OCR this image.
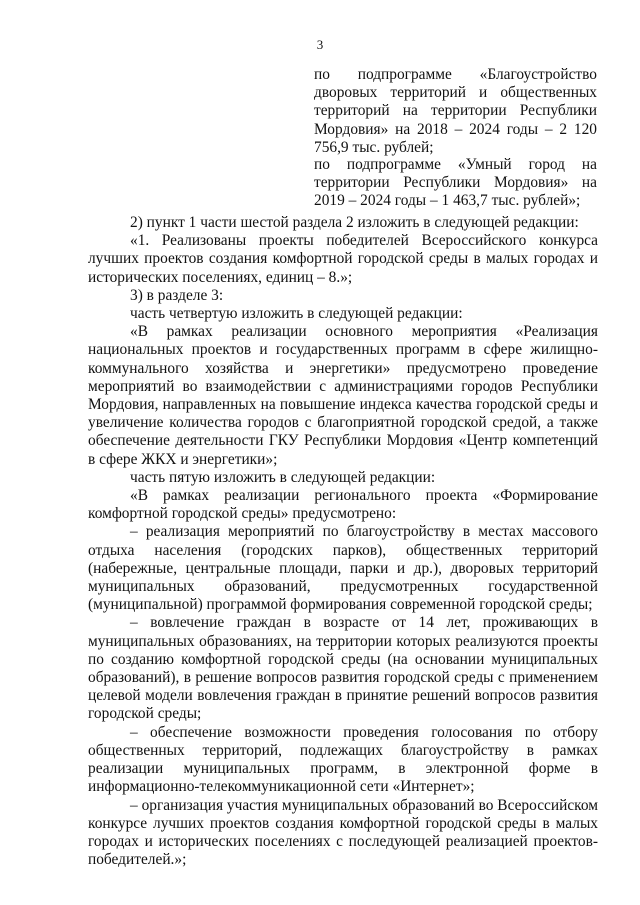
3

по подпрограмме «Благоустройство дворовых территорий и общественных территорий на территории Республики Мордовия» на 2018 – 2024 годы – 2 120 756,9 тыс. рублей;

по подпрограмме «Умный город на территории Республики Мордовия» на 2019 – 2024 годы – 1 463,7 тыс. рублей»;

2) пункт 1 части шестой раздела 2 изложить в следующей редакции:

«1. Реализованы проекты победителей Всероссийского конкурса лучших проектов создания комфортной городской среды в малых городах и исторических поселениях, единиц – 8.»;

3) в разделе 3:

часть четвертую изложить в следующей редакции:

«В рамках реализации основного мероприятия «Реализация национальных проектов и государственных программ в сфере жилищно-коммунального хозяйства и энергетики» предусмотрено проведение мероприятий во взаимодействии с администрациями городов Республики Мордовия, направленных на повышение индекса качества городской среды и увеличение количества городов с благоприятной городской средой, а также обеспечение деятельности ГКУ Республики Мордовия «Центр компетенций в сфере ЖКХ и энергетики»;

часть пятую изложить в следующей редакции:

«В рамках реализации регионального проекта «Формирование комфортной городской среды» предусмотрено:

– реализация мероприятий по благоустройству в местах массового отдыха населения (городских парков), общественных территорий (набережные, центральные площади, парки и др.), дворовых территорий муниципальных образований, предусмотренных государственной (муниципальной) программой формирования современной городской среды;

– вовлечение граждан в возрасте от 14 лет, проживающих в муниципальных образованиях, на территории которых реализуются проекты по созданию комфортной городской среды (на основании муниципальных образований), в решение вопросов развития городской среды с применением целевой модели вовлечения граждан в принятие решений вопросов развития городской среды;

– обеспечение возможности проведения голосования по отбору общественных территорий, подлежащих благоустройству в рамках реализации муниципальных программ, в электронной форме в информационно-телекоммуникационной сети «Интернет»;

– организация участия муниципальных образований во Всероссийском конкурсе лучших проектов создания комфортной городской среды в малых городах и исторических поселениях с последующей реализацией проектов-победителей.»;
